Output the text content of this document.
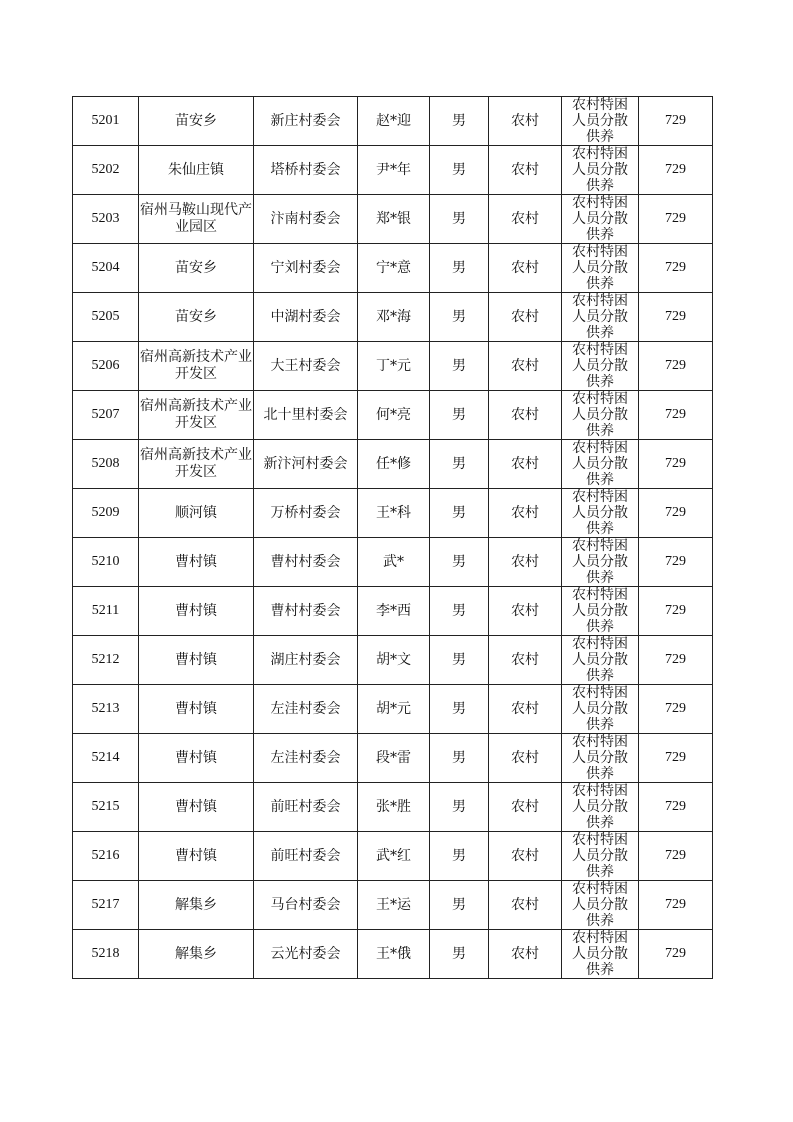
5201	苗安乡	新庄村委会	赵*迎	男	农村	农村特困人员分散供养	729
5202	朱仙庄镇	塔桥村委会	尹*年	男	农村	农村特困人员分散供养	729
5203	宿州马鞍山现代产业园区	汴南村委会	郑*银	男	农村	农村特困人员分散供养	729
5204	苗安乡	宁刘村委会	宁*意	男	农村	农村特困人员分散供养	729
5205	苗安乡	中湖村委会	邓*海	男	农村	农村特困人员分散供养	729
5206	宿州高新技术产业开发区	大王村委会	丁*元	男	农村	农村特困人员分散供养	729
5207	宿州高新技术产业开发区	北十里村委会	何*亮	男	农村	农村特困人员分散供养	729
5208	宿州高新技术产业开发区	新汴河村委会	任*修	男	农村	农村特困人员分散供养	729
5209	顺河镇	万桥村委会	王*科	男	农村	农村特困人员分散供养	729
5210	曹村镇	曹村村委会	武*	男	农村	农村特困人员分散供养	729
5211	曹村镇	曹村村委会	李*西	男	农村	农村特困人员分散供养	729
5212	曹村镇	湖庄村委会	胡*文	男	农村	农村特困人员分散供养	729
5213	曹村镇	左洼村委会	胡*元	男	农村	农村特困人员分散供养	729
5214	曹村镇	左洼村委会	段*雷	男	农村	农村特困人员分散供养	729
5215	曹村镇	前旺村委会	张*胜	男	农村	农村特困人员分散供养	729
5216	曹村镇	前旺村委会	武*红	男	农村	农村特困人员分散供养	729
5217	解集乡	马台村委会	王*运	男	农村	农村特困人员分散供养	729
5218	解集乡	云光村委会	王*俄	男	农村	农村特困人员分散供养	729
